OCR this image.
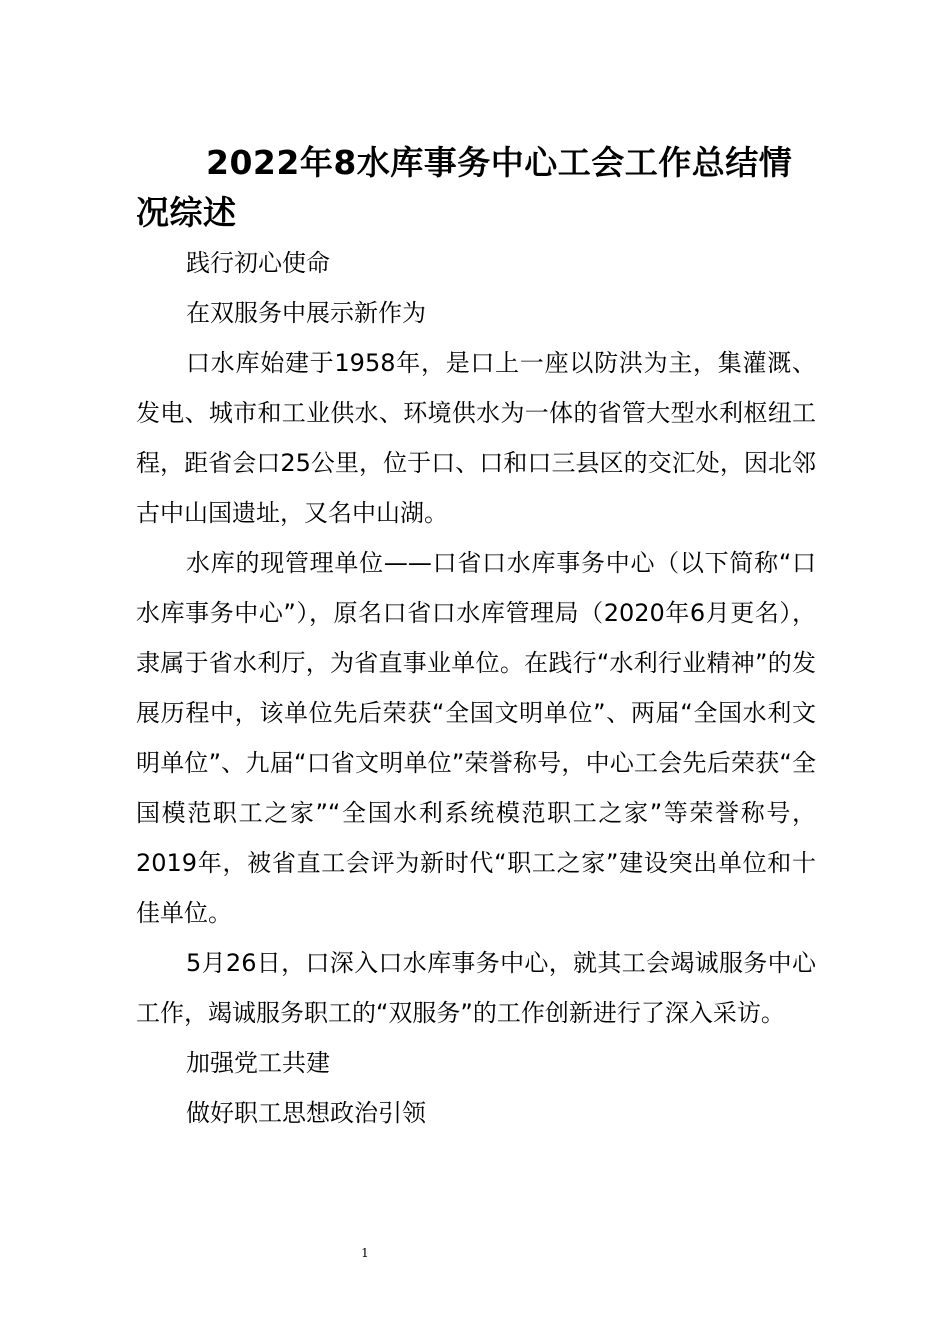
2022年8水库事务中心工会工作总结情况综述

践行初心使命

在双服务中展示新作为

口水库始建于1958年，是口上一座以防洪为主，集灌溉、发电、城市和工业供水、环境供水为一体的省管大型水利枢纽工程，距省会口25公里，位于口、口和口三县区的交汇处，因北邻古中山国遗址，又名中山湖。

水库的现管理单位——口省口水库事务中心（以下简称“口水库事务中心”），原名口省口水库管理局（2020年6月更名），隶属于省水利厅，为省直事业单位。在践行“水利行业精神”的发展历程中，该单位先后荣获“全国文明单位”、两届“全国水利文明单位”、九届“口省文明单位”荣誉称号，中心工会先后荣获“全国模范职工之家”“全国水利系统模范职工之家”等荣誉称号，2019年，被省直工会评为新时代“职工之家”建设突出单位和十佳单位。

5月26日，口深入口水库事务中心，就其工会竭诚服务中心工作，竭诚服务职工的“双服务”的工作创新进行了深入采访。

加强党工共建

做好职工思想政治引领

1
